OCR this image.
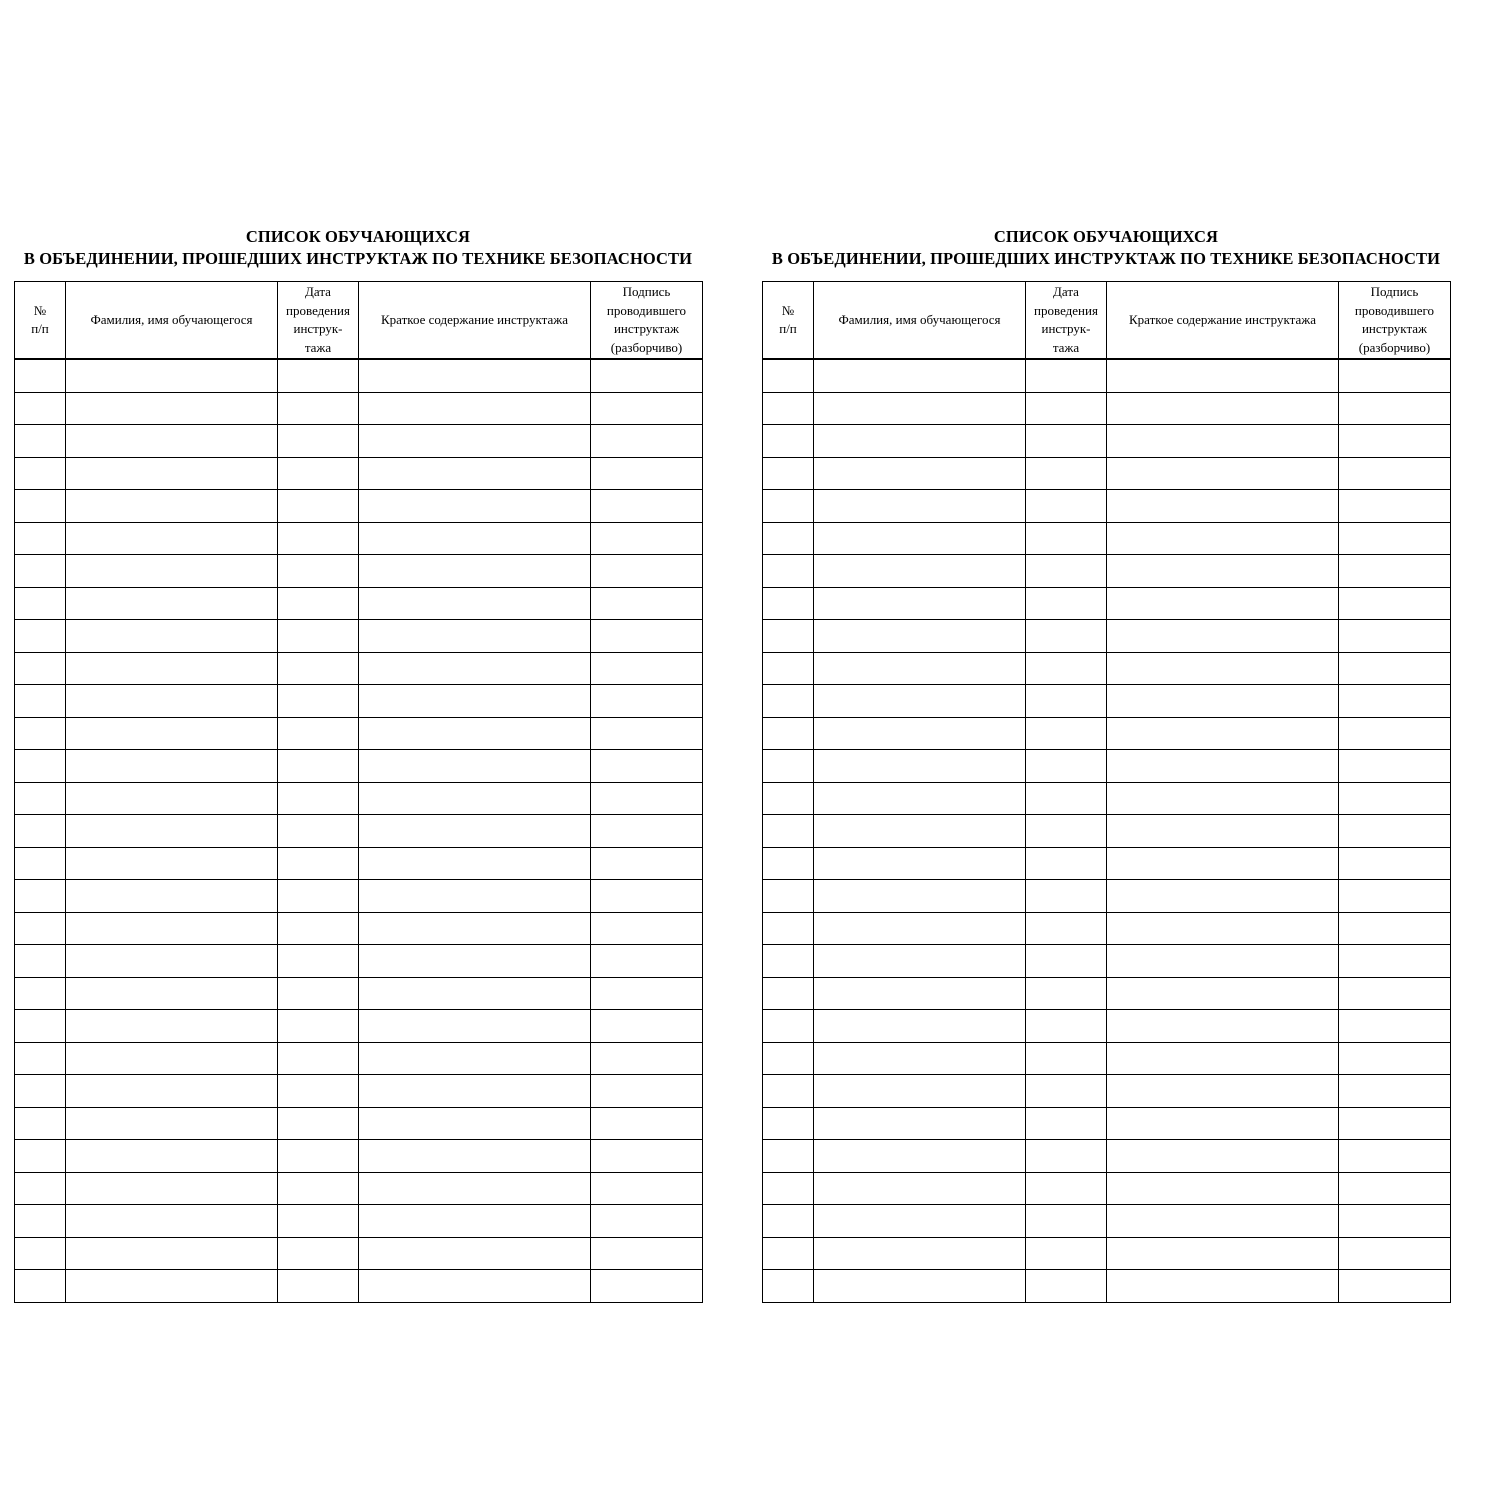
СПИСОК ОБУЧАЮЩИХСЯ
В ОБЪЕДИНЕНИИ, ПРОШЕДШИХ ИНСТРУКТАЖ ПО ТЕХНИКЕ БЕЗОПАСНОСТИ
№
п/п	Фамилия, имя обучающегося	Дата
проведения
инструк-
тажа	Краткое содержание инструктажа	Подпись
проводившего
инструктаж
(разборчиво)

СПИСОК ОБУЧАЮЩИХСЯ
В ОБЪЕДИНЕНИИ, ПРОШЕДШИХ ИНСТРУКТАЖ ПО ТЕХНИКЕ БЕЗОПАСНОСТИ
№
п/п	Фамилия, имя обучающегося	Дата
проведения
инструк-
тажа	Краткое содержание инструктажа	Подпись
проводившего
инструктаж
(разборчиво)
